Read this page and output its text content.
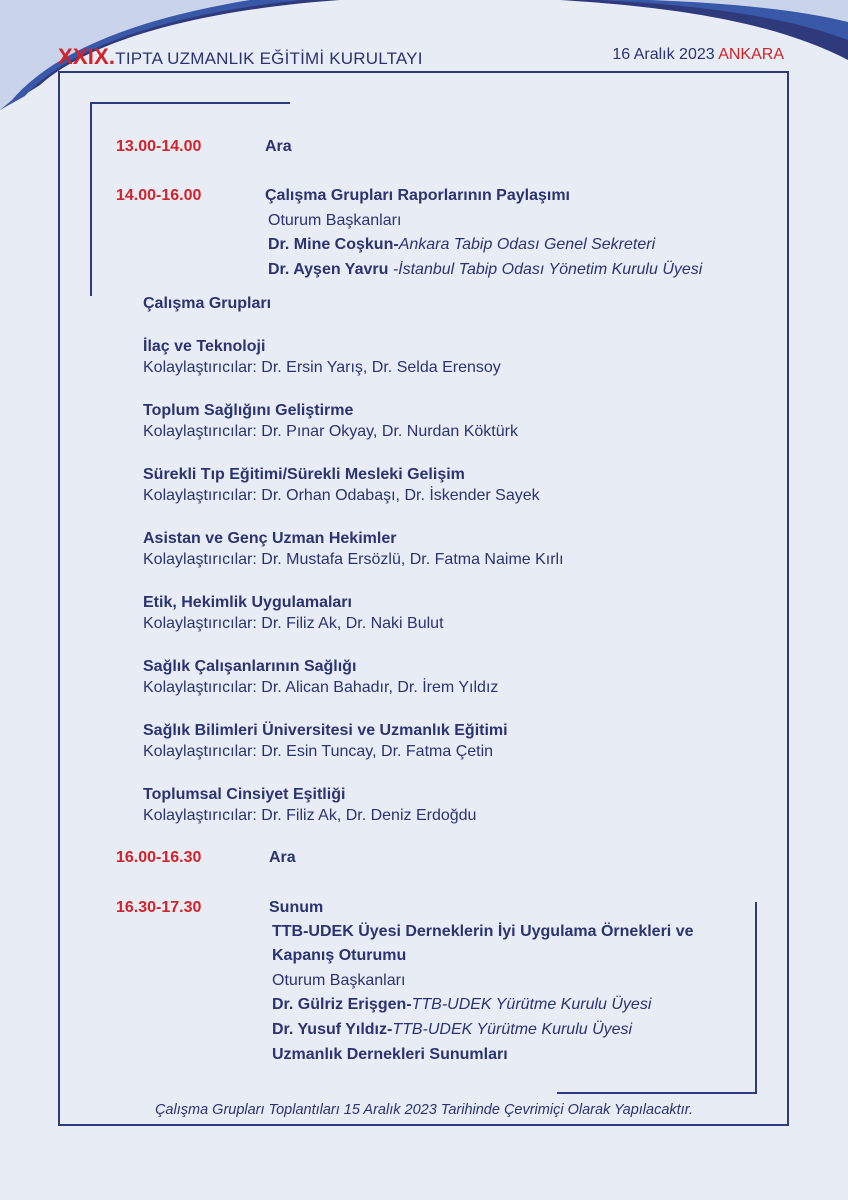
XXIX.TIPTA UZMANLIK EĞİTİMİ KURULTAYI	16 Aralık 2023 ANKARA
13.00-14.00	Ara
14.00-16.00	Çalışma Grupları Raporlarının Paylaşımı
Oturum Başkanları
Dr. Mine Coşkun-Ankara Tabip Odası Genel Sekreteri
Dr. Ayşen Yavru -İstanbul Tabip Odası Yönetim Kurulu Üyesi
Çalışma Grupları
İlaç ve Teknoloji
Kolaylaştırıcılar: Dr. Ersin Yarış, Dr. Selda Erensoy
Toplum Sağlığını Geliştirme
Kolaylaştırıcılar: Dr. Pınar Okyay, Dr. Nurdan Köktürk
Sürekli Tıp Eğitimi/Sürekli Mesleki Gelişim
Kolaylaştırıcılar: Dr. Orhan Odabaşı, Dr. İskender Sayek
Asistan ve Genç Uzman Hekimler
Kolaylaştırıcılar: Dr. Mustafa Ersözlü, Dr. Fatma Naime Kırlı
Etik, Hekimlik Uygulamaları
Kolaylaştırıcılar: Dr. Filiz Ak, Dr. Naki Bulut
Sağlık Çalışanlarının Sağlığı
Kolaylaştırıcılar: Dr. Alican Bahadır, Dr. İrem Yıldız
Sağlık Bilimleri Üniversitesi ve Uzmanlık Eğitimi
Kolaylaştırıcılar: Dr. Esin Tuncay, Dr. Fatma Çetin
Toplumsal Cinsiyet Eşitliği
Kolaylaştırıcılar: Dr. Filiz Ak, Dr. Deniz Erdoğdu
16.00-16.30	Ara
16.30-17.30	Sunum
TTB-UDEK Üyesi Derneklerin İyi Uygulama Örnekleri ve
Kapanış Oturumu
Oturum Başkanları
Dr. Gülriz Erişgen-TTB-UDEK Yürütme Kurulu Üyesi
Dr. Yusuf Yıldız-TTB-UDEK Yürütme Kurulu Üyesi
Uzmanlık Dernekleri Sunumları
Çalışma Grupları Toplantıları 15 Aralık 2023 Tarihinde Çevrimiçi Olarak Yapılacaktır.
